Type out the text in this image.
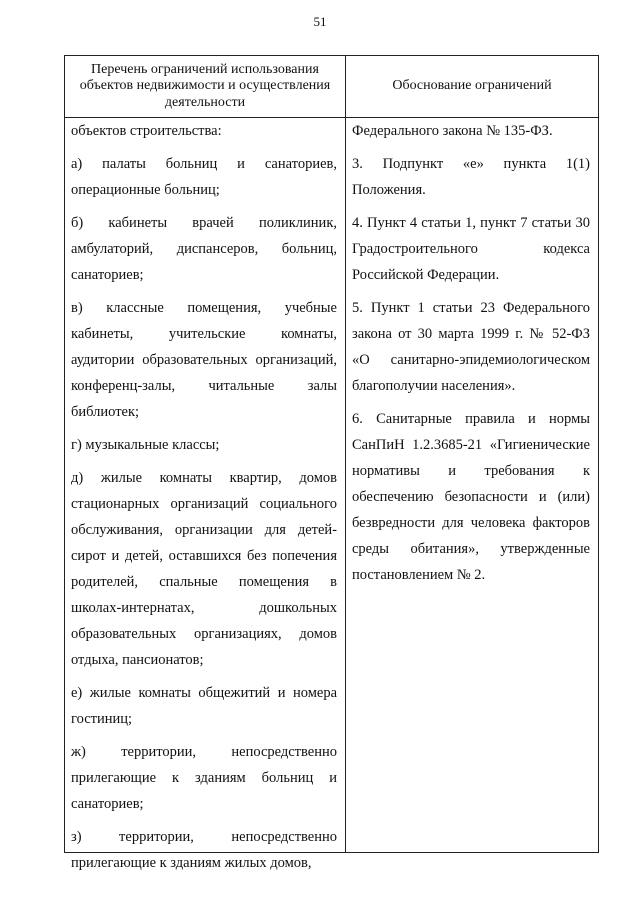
51
Перечень ограничений использования объектов недвижимости и осуществления деятельности
Обоснование ограничений

объектов строительства:

а) палаты больниц и санаториев, операционные больниц;

б) кабинеты врачей поликлиник, амбулаторий, диспансеров, больниц, санаториев;

в) классные помещения, учебные кабинеты, учительские комнаты, аудитории образовательных организаций, конференц-залы, читальные залы библиотек;

г) музыкальные классы;

д) жилые комнаты квартир, домов стационарных организаций социального обслуживания, организации для детей-сирот и детей, оставшихся без попечения родителей, спальные помещения в школах-интернатах, дошкольных образовательных организациях, домов отдыха, пансионатов;

е) жилые комнаты общежитий и номера гостиниц;

ж) территории, непосредственно прилегающие к зданиям больниц и санаториев;

з) территории, непосредственно прилегающие к зданиям жилых домов,

Федерального закона № 135-ФЗ.

3. Подпункт «е» пункта 1(1) Положения.

4. Пункт 4 статьи 1, пункт 7 статьи 30 Градостроительного кодекса Российской Федерации.

5. Пункт 1 статьи 23 Федерального закона от 30 марта 1999 г. № 52-ФЗ «О санитарно-эпидемиологическом благополучии населения».

6. Санитарные правила и нормы СанПиН 1.2.3685-21 «Гигиенические нормативы и требования к обеспечению безопасности и (или) безвредности для человека факторов среды обитания», утвержденные постановлением № 2.
